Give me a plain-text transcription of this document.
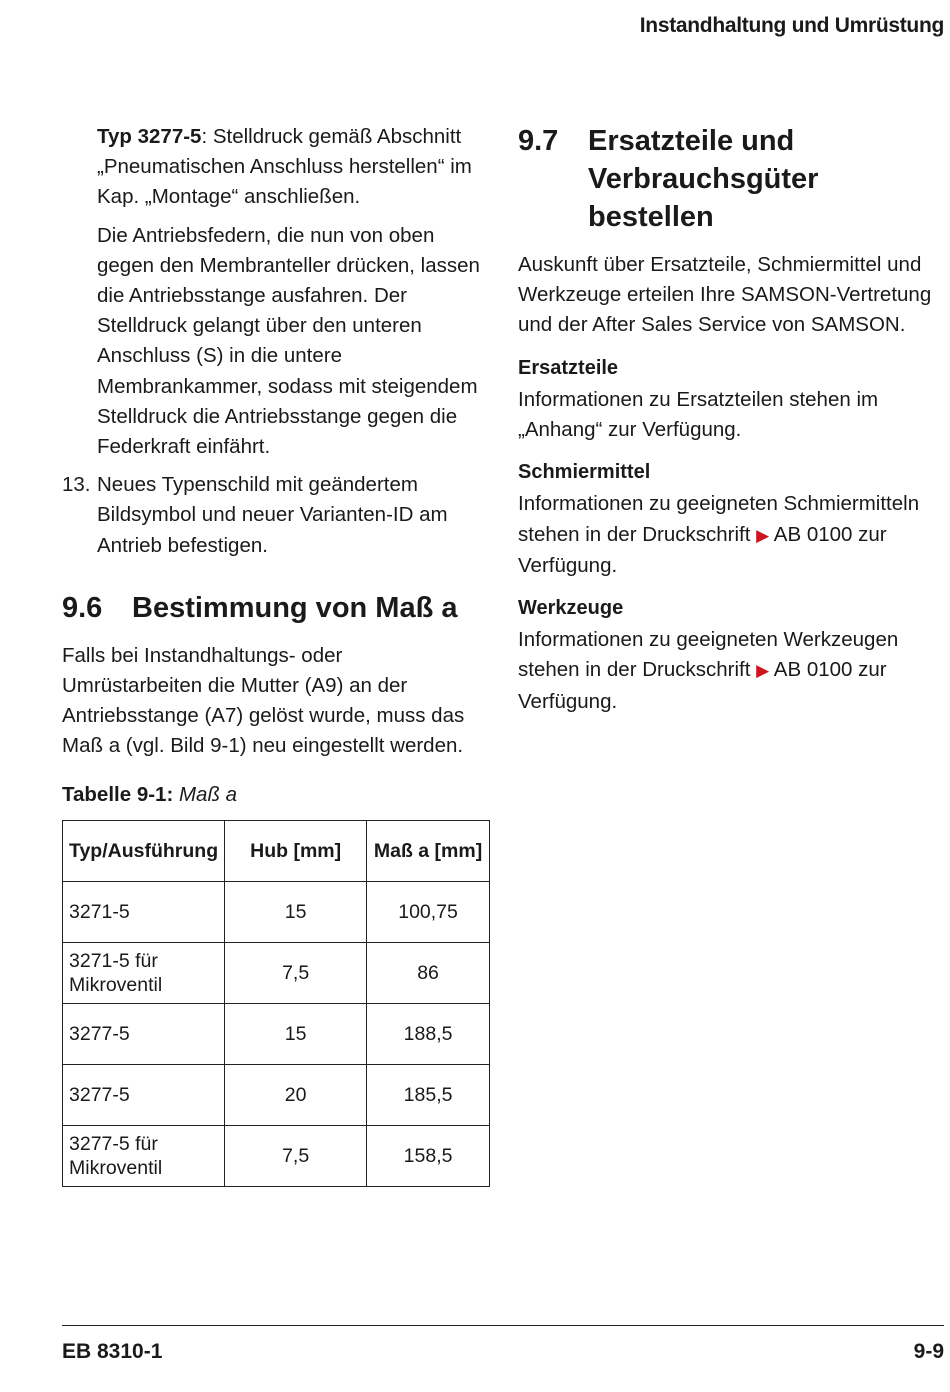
Instandhaltung und Umrüstung

Typ 3277-5: Stelldruck gemäß Abschnitt „Pneumatischen Anschluss herstellen“ im Kap. „Montage“ anschließen.

Die Antriebsfedern, die nun von oben gegen den Membranteller drücken, lassen die Antriebsstange ausfahren. Der Stelldruck gelangt über den unteren Anschluss (S) in die untere Membrankammer, sodass mit steigendem Stelldruck die Antriebsstange gegen die Federkraft einfährt.

13. Neues Typenschild mit geändertem Bildsymbol und neuer Varianten-ID am Antrieb befestigen.
9.6	Bestimmung von Maß a

Falls bei Instandhaltungs- oder Umrüstarbeiten die Mutter (A9) an der Antriebsstange (A7) gelöst wurde, muss das Maß a (vgl. Bild 9-1) neu eingestellt werden.

Tabelle 9-1: Maß a
Typ/Ausführung	Hub [mm]	Maß a [mm]
3271-5	15	100,75
3271-5 für Mikroventil	7,5	86
3277-5	15	188,5
3277-5	20	185,5
3277-5 für Mikroventil	7,5	158,5
9.7	Ersatzteile und Verbrauchsgüter bestellen

Auskunft über Ersatzteile, Schmiermittel und Werkzeuge erteilen Ihre SAMSON-Vertretung und der After Sales Service von SAMSON.

Ersatzteile

Informationen zu Ersatzteilen stehen im „Anhang“ zur Verfügung.

Schmiermittel

Informationen zu geeigneten Schmiermitteln stehen in der Druckschrift ▶ AB 0100 zur Verfügung.

Werkzeuge

Informationen zu geeigneten Werkzeugen stehen in der Druckschrift ▶ AB 0100 zur Verfügung.

EB 8310-1	9-9
